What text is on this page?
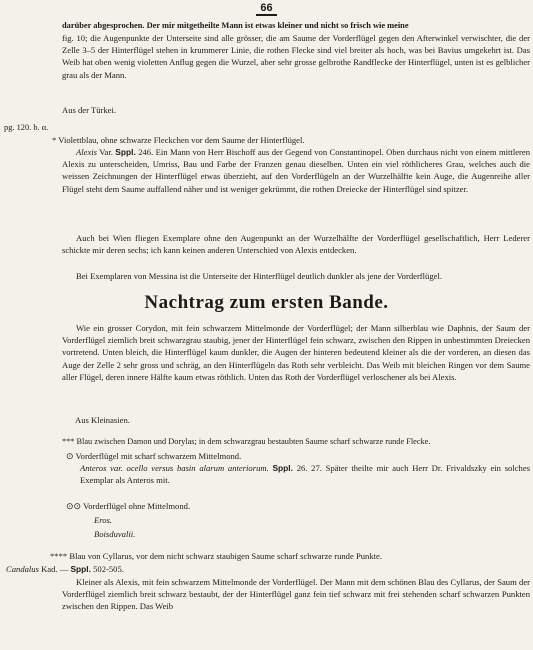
66
darüber abgesprochen. Der mir mitgetheilte Mann ist etwas kleiner und nicht so frisch wie meine
fig. 10; die Augenpunkte der Unterseite sind alle grösser, die am Saume der Vorderflügel gegen den Afterwinkel verwischter, die der Zelle 3–5 der Hinterflügel stehen in krummerer Linie, die rothen Flecke sind viel breiter als hoch, was bei Bavius umgekehrt ist. Das Weib hat oben wenig violetten Anflug gegen die Wurzel, aber sehr grosse gelbrothe Randflecke der Hinterflügel, unten ist es gelblicher grau als der Mann.
Aus der Türkei.
pg. 120. b. α.
* Violettblau, ohne schwarze Fleckchen vor dem Saume der Hinterflügel.
Alexis Var. Sppl. 246. Ein Mann von Herr Bischoff aus der Gegend von Constantinopel. Oben durchaus nicht von einem mittleren Alexis zu unterscheiden, Umriss, Bau und Farbe der Franzen genau dieselben. Unten ein viel röthlicheres Grau, welches auch die weissen Zeichnungen der Hinterflügel etwas überzieht, auf den Vorderflügeln an der Wurzelhälfte kein Auge, die Augenreihe aller Flügel steht dem Saume auffallend näher und ist weniger gekrümmt, die rothen Dreiecke der Hinterflügel sind spitzer.
Auch bei Wien fliegen Exemplare ohne den Augenpunkt an der Wurzelhälfte der Vorderflügel gesellschaftlich, Herr Lederer schickte mir deren sechs; ich kann keinen anderen Unterschied von Alexis entdecken.
Bei Exemplaren von Messina ist die Unterseite der Hinterflügel deutlich dunkler als jene der Vorderflügel.
Nachtrag zum ersten Bande.
Wie ein grosser Corydon, mit fein schwarzem Mittelmonde der Vorderflügel; der Mann silberblau wie Daphnis, der Saum der Vorderflügel ziemlich breit schwarzgrau staubig, jener der Hinterflügel fein schwarz, zwischen den Rippen in unbestimmten Dreiecken vortretend. Unten bleich, die Hinterflügel kaum dunkler, die Augen der hinteren bedeutend kleiner als die der vorderen, an diesen das Auge der Zelle 2 sehr gross und schräg, an den Hinterflügeln das Roth sehr verbleicht. Das Weib mit bleichen Ringen vor dem Saume aller Flügel, deren innere Hälfte kaum etwas röthlich. Unten das Roth der Vorderflügel verloschener als bei Alexis.
Aus Kleinasien.
*** Blau zwischen Damon und Dorylas; in dem schwarzgrau bestaubten Saume scharf schwarze runde Flecke.
⊙ Vorderflügel mit scharf schwarzem Mittelmond.
Anteros var. ocello versus basin alarum anteriorum. Sppl. 26. 27. Später theilte mir auch Herr Dr. Frivaldszky ein solches Exemplar als Anteros mit.
⊙⊙ Vorderflügel ohne Mittelmond.
Eros.
Boisduvalii.
**** Blau von Cyllarus, vor dem nicht schwarz staubigen Saume scharf schwarze runde Punkte.
Candalus Kad. — Sppl. 502-505.
Kleiner als Alexis, mit fein schwarzem Mittelmonde der Vorderflügel. Der Mann mit dem schönen Blau des Cyllarus, der Saum der Vorderflügel ziemlich breit schwarz bestaubt, der der Hinterflügel ganz fein tief schwarz mit frei stehenden scharf schwarzen Punkten zwischen den Rippen. Das Weib
